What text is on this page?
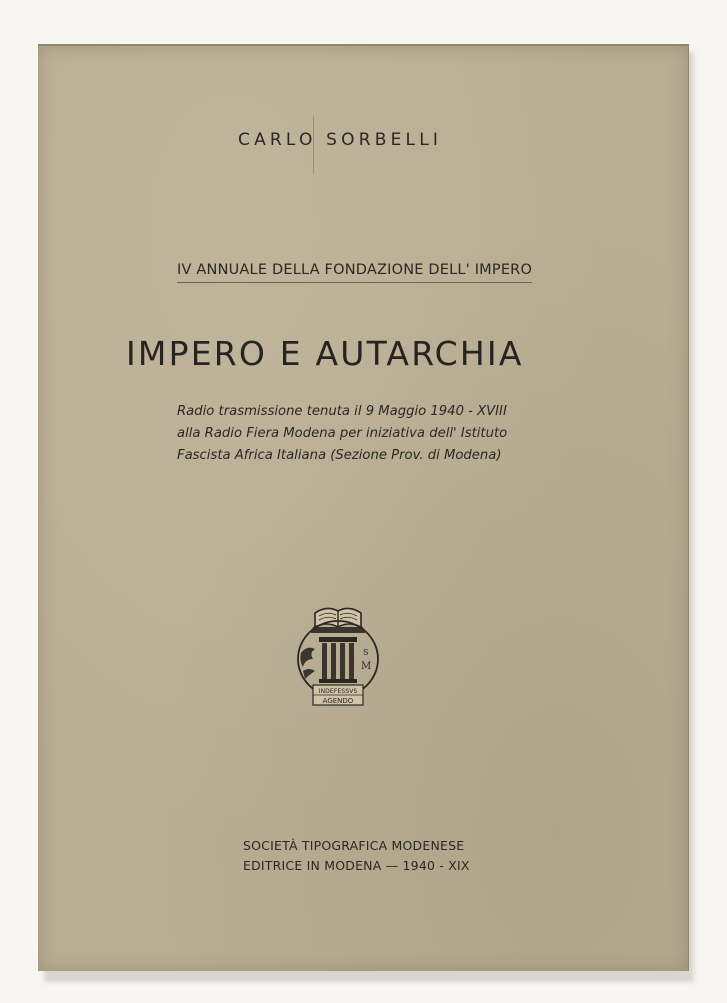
CARLO SORBELLI
IV ANNUALE DELLA FONDAZIONE DELL' IMPERO
IMPERO E AUTARCHIA
Radio trasmissione tenuta il 9 Maggio 1940 - XVIII
alla Radio Fiera Modena per iniziativa dell' Istituto
Fascista Africa Italiana (Sezione Prov. di Modena)
S
M
INDEFESSVS
AGENDO
SOCIETÀ TIPOGRAFICA MODENESE
EDITRICE IN MODENA — 1940 - XIX
